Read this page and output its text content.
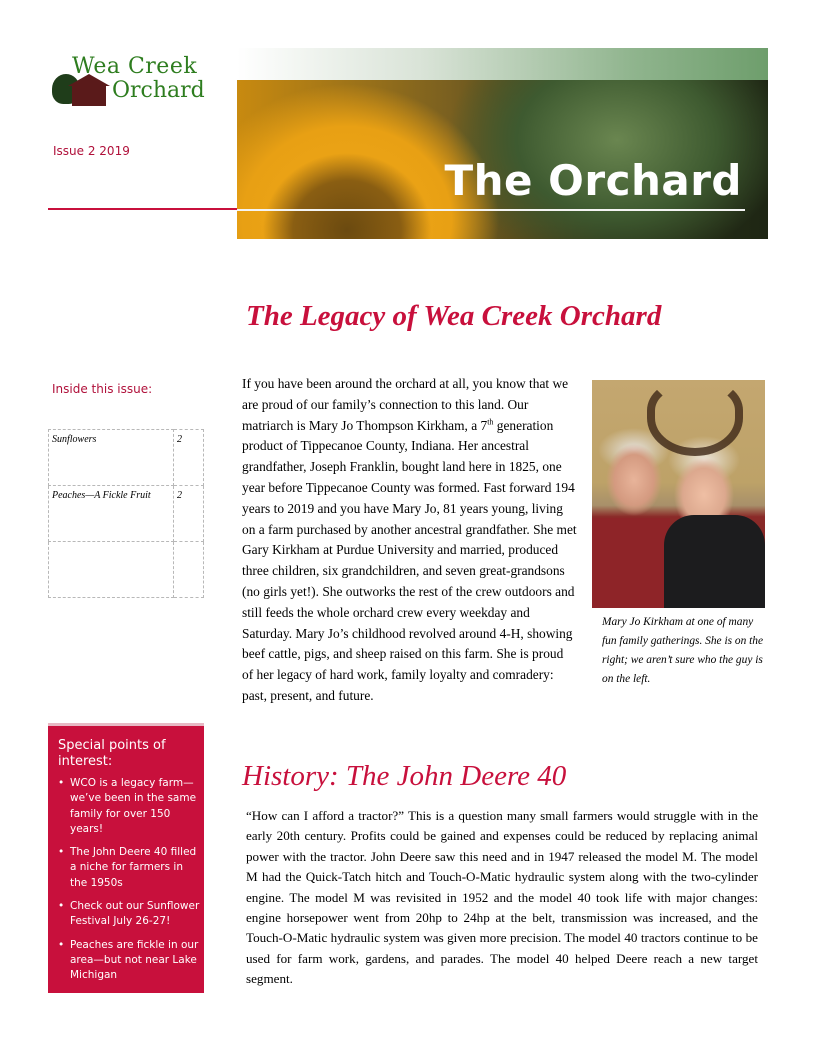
Wea Creek
Orchard
Issue 2 2019
The Orchard
The Legacy of Wea Creek Orchard
Inside this issue:
Sunflowers	2
Peaches—A Fickle Fruit	2

If you have been around the orchard at all, you know that we are proud of our family’s connection to this land. Our matriarch is Mary Jo Thompson Kirkham, a 7th generation product of Tippecanoe County, Indiana. Her ancestral grandfather, Joseph Franklin, bought land here in 1825, one year before Tippecanoe County was formed. Fast forward 194 years to 2019 and you have Mary Jo, 81 years young, living on a farm purchased by another ancestral grandfather. She met Gary Kirkham at Purdue University and married, produced three children, six grandchildren, and seven great-grandsons (no girls yet!). She outworks the rest of the crew outdoors and still feeds the whole orchard crew every weekday and Saturday. Mary Jo’s childhood revolved around 4-H, showing beef cattle, pigs, and sheep raised on this farm. She is proud of her legacy of hard work, family loyalty and comradery: past, present, and future.
Mary Jo Kirkham at one of many fun family gatherings. She is on the right; we aren’t sure who the guy is on the left.
Special points of interest:
• WCO is a legacy farm—we’ve been in the same family for over 150 years!
• The John Deere 40 filled a niche for farmers in the 1950s
• Check out our Sunflower Festival July 26-27!
• Peaches are fickle in our area—but not near Lake Michigan
History: The John Deere 40
“How can I afford a tractor?” This is a question many small farmers would struggle with in the early 20th century. Profits could be gained and expenses could be reduced by replacing animal power with the tractor. John Deere saw this need and in 1947 released the model M. The model M had the Quick-Tatch hitch and Touch-O-Matic hydraulic system along with the two-cylinder engine. The model M was revisited in 1952 and the model 40 took life with major changes: engine horsepower went from 20hp to 24hp at the belt, transmission was increased, and the Touch-O-Matic hydraulic system was given more precision. The model 40 tractors continue to be used for farm work, gardens, and parades. The model 40 helped Deere reach a new target segment.
